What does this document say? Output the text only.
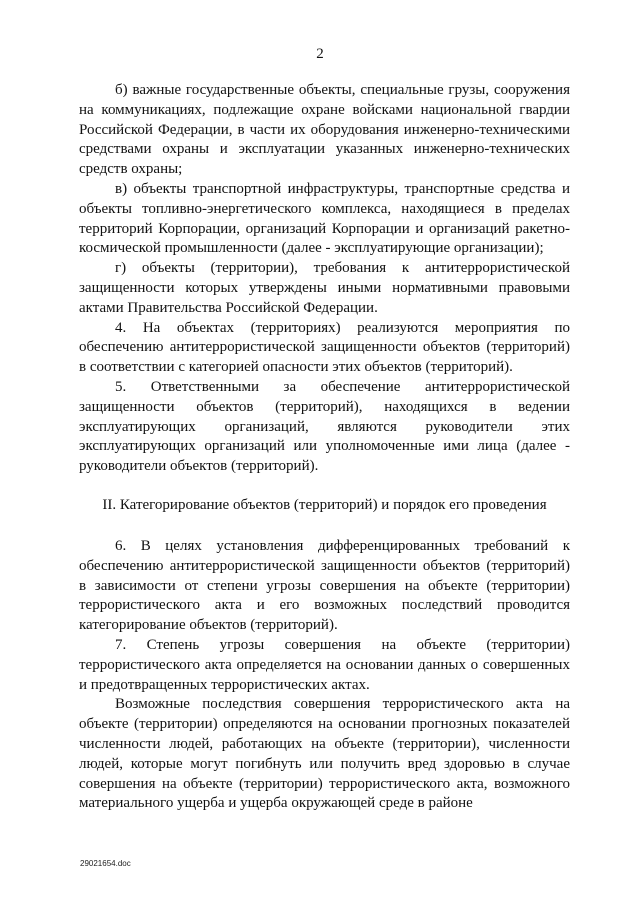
2

б) важные государственные объекты, специальные грузы, сооружения на коммуникациях, подлежащие охране войсками национальной гвардии Российской Федерации, в части их оборудования инженерно-техническими средствами охраны и эксплуатации указанных инженерно-технических средств охраны;

в) объекты транспортной инфраструктуры, транспортные средства и объекты топливно-энергетического комплекса, находящиеся в пределах территорий Корпорации, организаций Корпорации и организаций ракетно-космической промышленности (далее - эксплуатирующие организации);

г) объекты (территории), требования к антитеррористической защищенности которых утверждены иными нормативными правовыми актами Правительства Российской Федерации.

4. На объектах (территориях) реализуются мероприятия по обеспечению антитеррористической защищенности объектов (территорий) в соответствии с категорией опасности этих объектов (территорий).

5. Ответственными за обеспечение антитеррористической защищенности объектов (территорий), находящихся в ведении эксплуатирующих организаций, являются руководители этих эксплуатирующих организаций или уполномоченные ими лица (далее - руководители объектов (территорий).

II. Категорирование объектов (территорий) и порядок его проведения

6. В целях установления дифференцированных требований к обеспечению антитеррористической защищенности объектов (территорий) в зависимости от степени угрозы совершения на объекте (территории) террористического акта и его возможных последствий проводится категорирование объектов (территорий).

7. Степень угрозы совершения на объекте (территории) террористического акта определяется на основании данных о совершенных и предотвращенных террористических актах.

Возможные последствия совершения террористического акта на объекте (территории) определяются на основании прогнозных показателей численности людей, работающих на объекте (территории), численности людей, которые могут погибнуть или получить вред здоровью в случае совершения на объекте (территории) террористического акта, возможного материального ущерба и ущерба окружающей среде в районе

29021654.doc
